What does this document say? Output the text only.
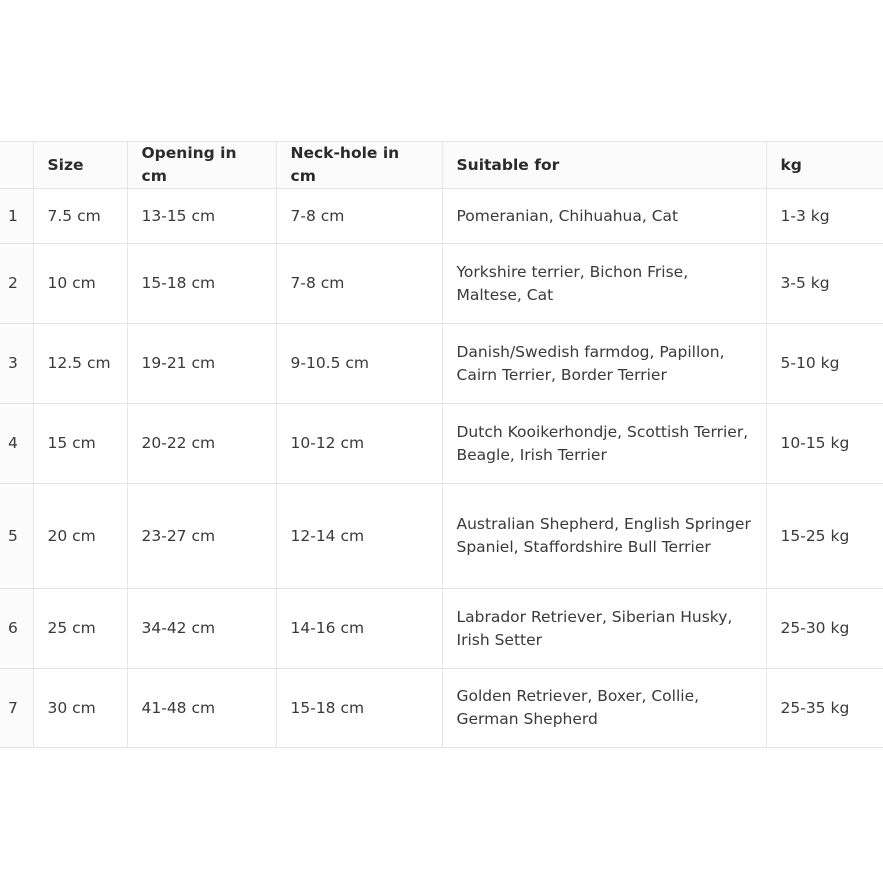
	Size	Opening in cm	Neck-hole in cm	Suitable for	kg
1	7.5 cm	13-15 cm	7-8 cm	Pomeranian, Chihuahua, Cat	1-3 kg
2	10 cm	15-18 cm	7-8 cm	Yorkshire terrier, Bichon Frise, Maltese, Cat	3-5 kg
3	12.5 cm	19-21 cm	9-10.5 cm	Danish/Swedish farmdog, Papillon, Cairn Terrier, Border Terrier	5-10 kg
4	15 cm	20-22 cm	10-12 cm	Dutch Kooikerhondje, Scottish Terrier, Beagle, Irish Terrier	10-15 kg
5	20 cm	23-27 cm	12-14 cm	Australian Shepherd, English Springer Spaniel, Staffordshire Bull Terrier	15-25 kg
6	25 cm	34-42 cm	14-16 cm	Labrador Retriever, Siberian Husky, Irish Setter	25-30 kg
7	30 cm	41-48 cm	15-18 cm	Golden Retriever, Boxer, Collie, German Shepherd	25-35 kg
